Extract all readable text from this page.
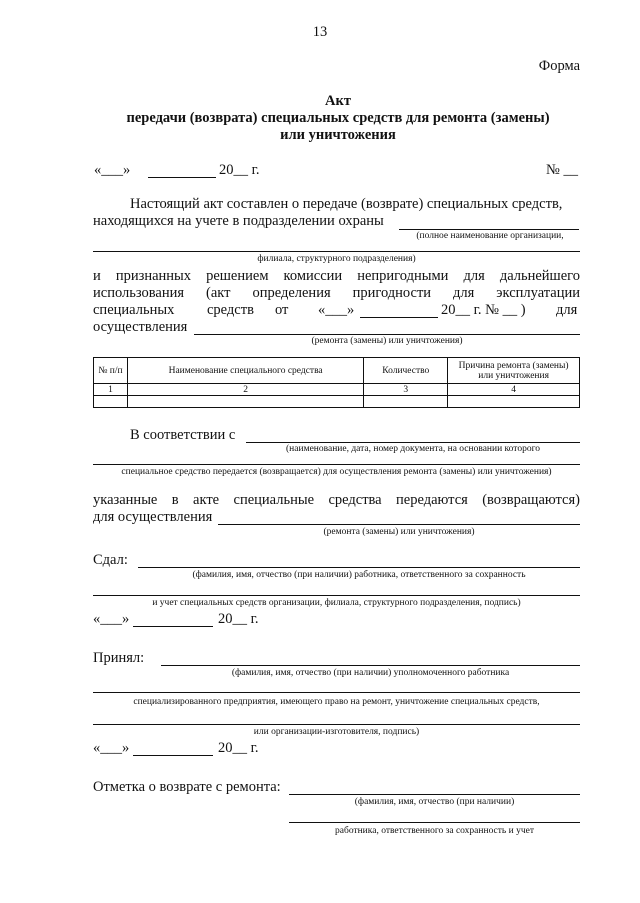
13
Форма
Акт
передачи (возврата) специальных средств для ремонта (замены)
или уничтожения
«___»	20__ г.	№ __
Настоящий акт составлен о передаче (возврате) специальных средств,
находящихся на учете в подразделении охраны
(полное наименование организации,
филиала, структурного подразделения)
и признанных решением комиссии непригодными для дальнейшего
использования (акт определения пригодности для эксплуатации
специальных средств от «___»	20__ г. № __ ) для
осуществления
(ремонта (замены) или уничтожения)
№ п/п	Наименование специального средства	Количество	Причина ремонта (замены) или уничтожения
1	2	3	4

В соответствии с
(наименование, дата, номер документа, на основании которого
специальное средство передается (возвращается) для осуществления ремонта (замены) или уничтожения)
указанные в акте специальные средства передаются (возвращаются)
для осуществления
(ремонта (замены) или уничтожения)
Сдал:
(фамилия, имя, отчество (при наличии) работника, ответственного за сохранность
и учет специальных средств организации, филиала, структурного подразделения, подпись)
«___»	20__ г.
Принял:
(фамилия, имя, отчество (при наличии) уполномоченного работника
специализированного предприятия, имеющего право на ремонт, уничтожение специальных средств,
или организации-изготовителя, подпись)
«___»	20__ г.
Отметка о возврате с ремонта:
(фамилия, имя, отчество (при наличии)
работника, ответственного за сохранность и учет
